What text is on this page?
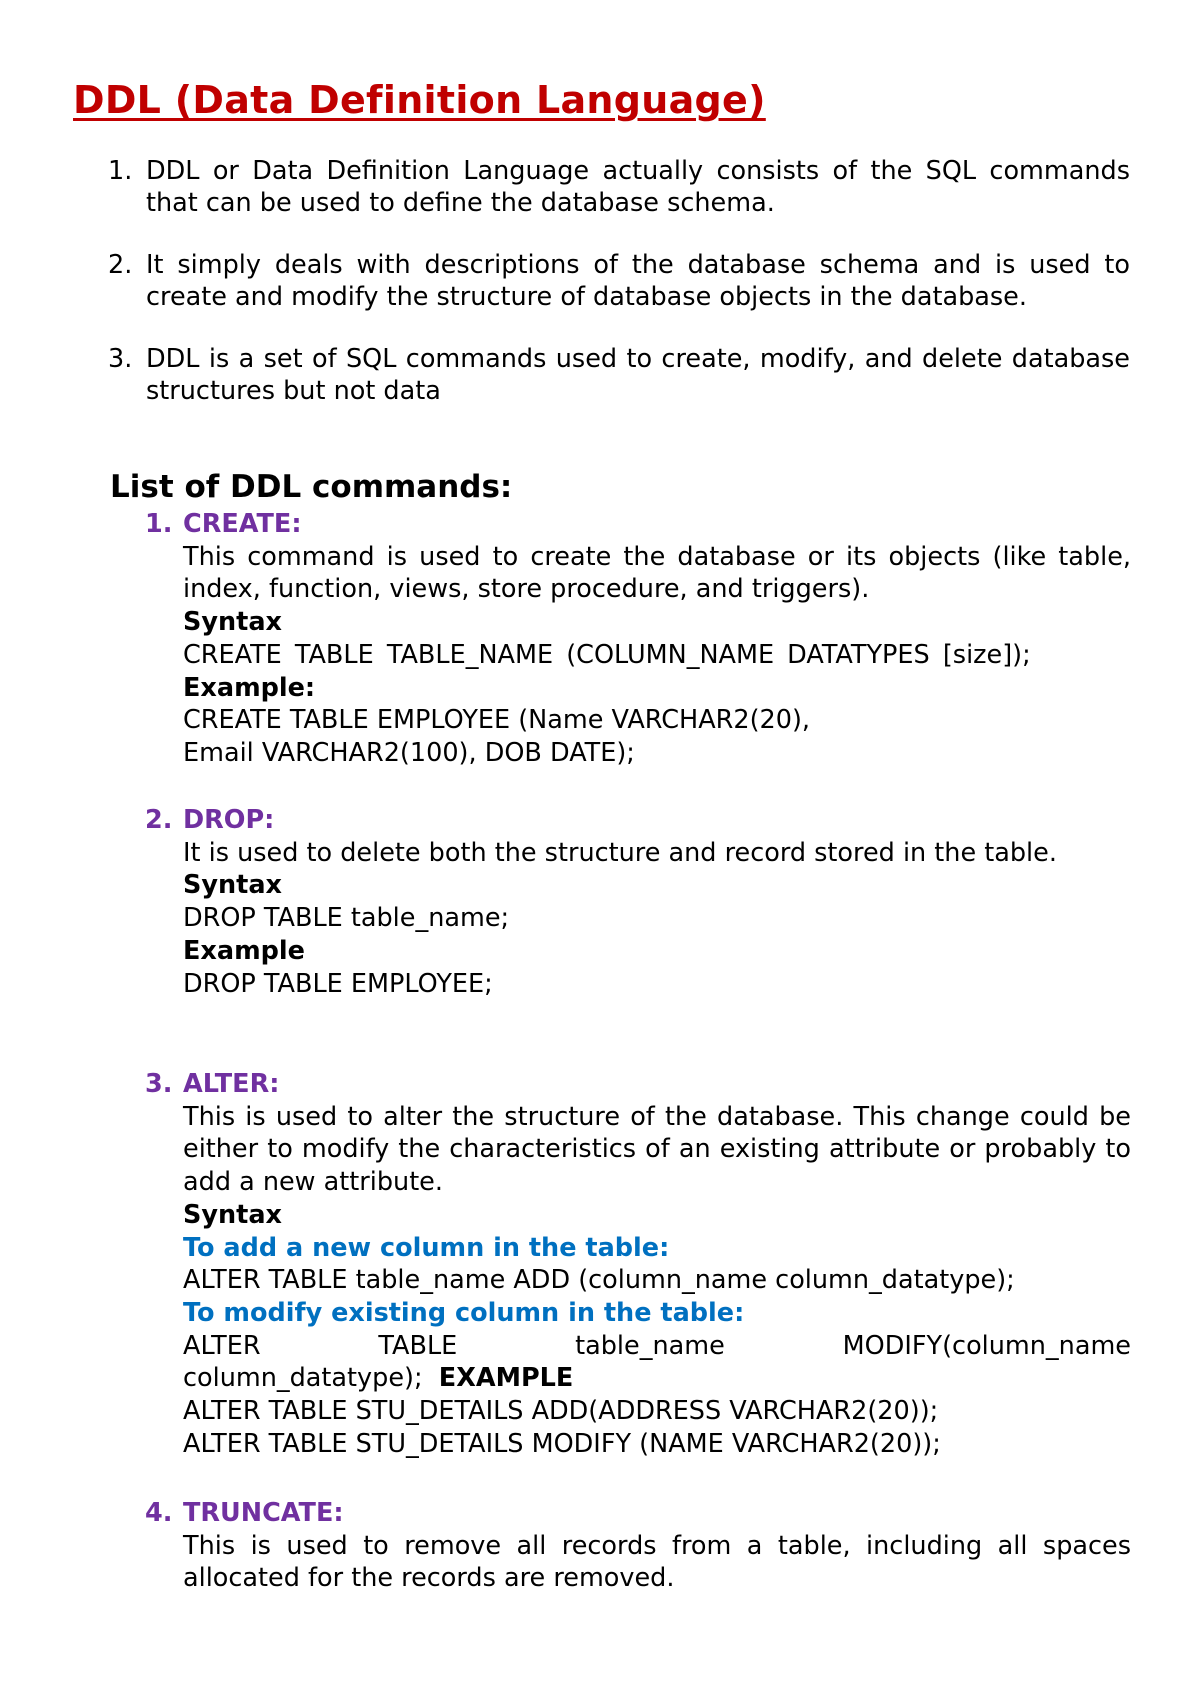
DDL (Data Definition Language)
1. DDL or Data Definition Language actually consists of the SQL commands that can be used to define the database schema.
2. It simply deals with descriptions of the database schema and is used to create and modify the structure of database objects in the database.
3. DDL is a set of SQL commands used to create, modify, and delete database structures but not data
List of DDL commands:
1. CREATE:

This command is used to create the database or its objects (like table, index, function, views, store procedure, and triggers).

Syntax

CREATE TABLE TABLE_NAME (COLUMN_NAME DATATYPES [size]);

Example:

CREATE TABLE EMPLOYEE (Name VARCHAR2(20),

Email VARCHAR2(100), DOB DATE);

2. DROP:

It is used to delete both the structure and record stored in the table.

Syntax

DROP TABLE table_name;

Example

DROP TABLE EMPLOYEE;

3. ALTER:

This is used to alter the structure of the database. This change could be either to modify the characteristics of an existing attribute or probably to add a new attribute.

Syntax

To add a new column in the table:

ALTER TABLE table_name ADD (column_name column_datatype);

To modify existing column in the table:

ALTER TABLE table_name MODIFY(column_name

column_datatype); EXAMPLE

ALTER TABLE STU_DETAILS ADD(ADDRESS VARCHAR2(20));

ALTER TABLE STU_DETAILS MODIFY (NAME VARCHAR2(20));

4. TRUNCATE:

This is used to remove all records from a table, including all spaces allocated for the records are removed.
